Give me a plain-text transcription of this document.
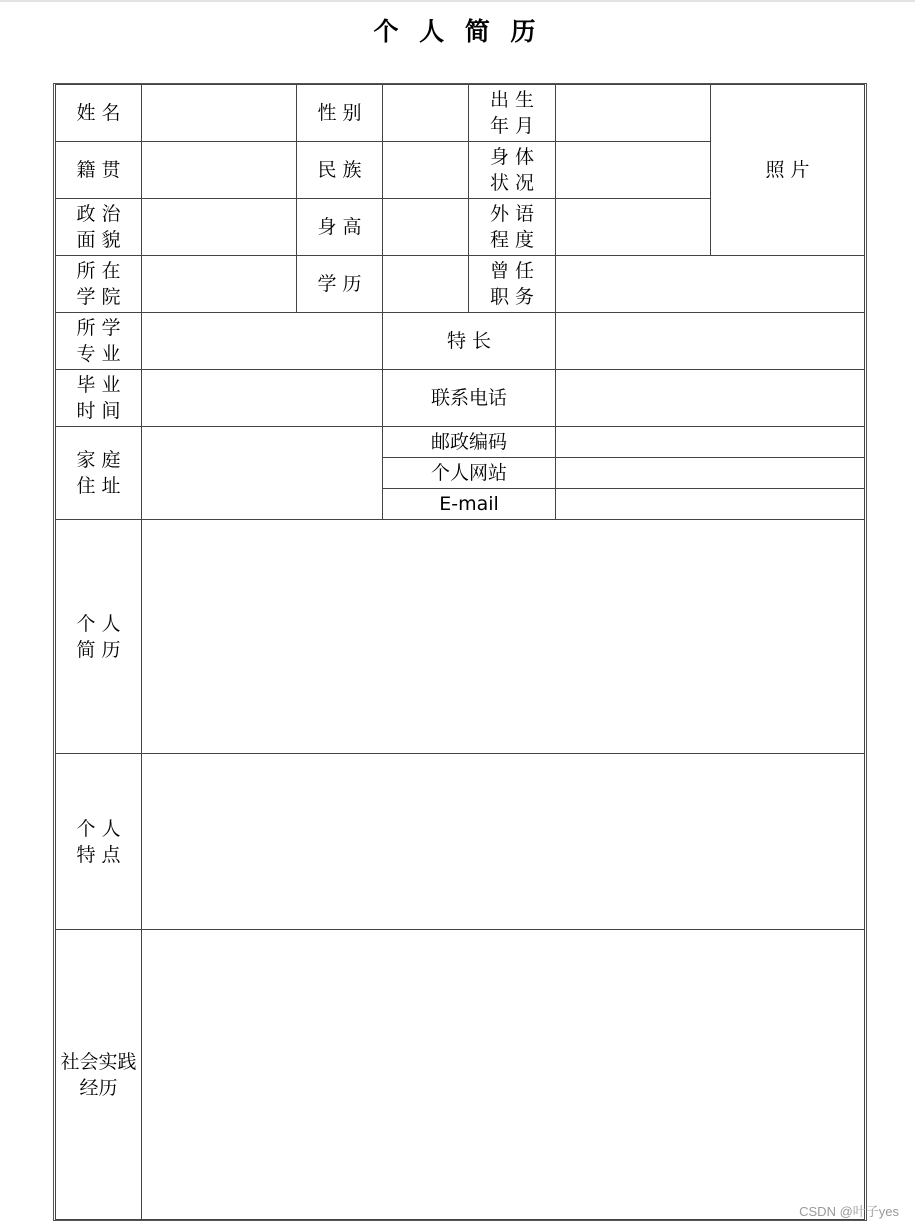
个 人 简 历
姓 名	性 别
出 生
年 月
照 片
籍 贯	民 族
身 体
状 况
政 治
面 貌
身 高
外 语
程 度
所 在
学 院
学 历
曾 任
职 务
所 学
专 业
特 长
毕 业
时 间
联系电话
家 庭
住 址
邮政编码
个人网站
E-mail
个 人
简 历
个 人
特 点
社会实践
经历
CSDN @叶子yes
